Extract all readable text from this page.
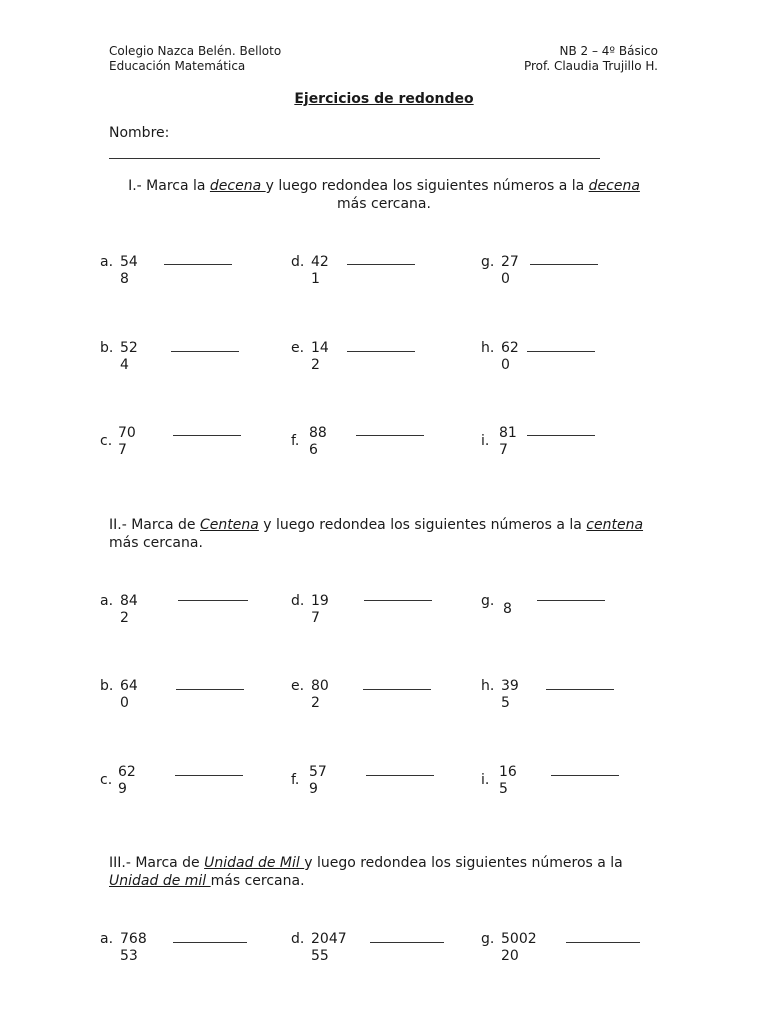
Colegio Nazca Belén. Belloto
Educación Matemática
NB 2 – 4º Básico
Prof. Claudia Trujillo H.
Ejercicios de redondeo
Nombre:
I.- Marca la decena y luego redondea los siguientes números a la decena
más cercana.
II.- Marca de Centena y luego redondea los siguientes números a la centena
más cercana.
III.- Marca de Unidad de Mil y luego redondea los siguientes números a la
Unidad de mil más cercana.
a. 54
8
d. 42
1
g. 27
0
b. 52
4
e. 14
2
h. 62
0
c. 70
7
f. 88
6
i. 81
7
a. 84
2
d. 19
7
g. 8
b. 64
0
e. 80
2
h. 39
5
c. 62
9
f. 57
9
i. 16
5
a. 768
53
d. 2047
55
g. 5002
20
